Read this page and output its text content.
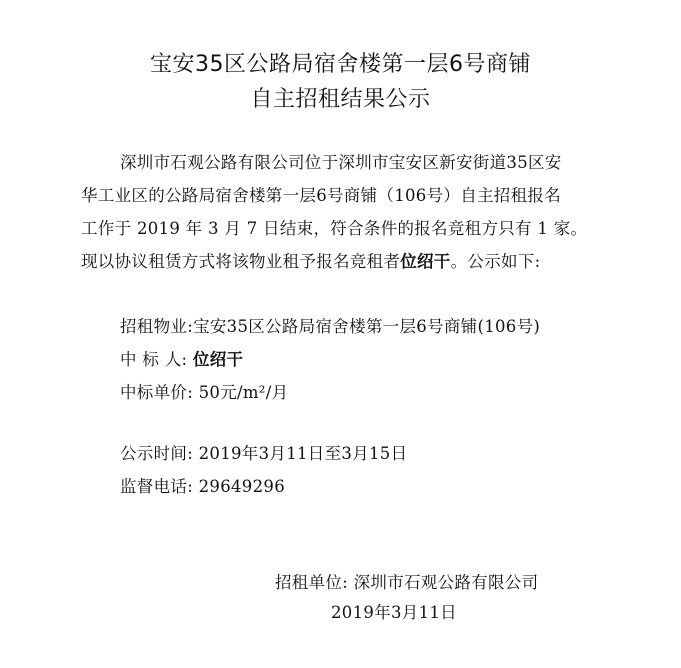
宝安35区公路局宿舍楼第一层6号商铺
自主招租结果公示
深圳市石观公路有限公司位于深圳市宝安区新安街道35区安
华工业区的公路局宿舍楼第一层6号商铺（106号）自主招租报名
工作于 2019 年 3 月 7 日结束，符合条件的报名竞租方只有 1 家。
现以协议租赁方式将该物业租予报名竞租者位绍干。公示如下:
招租物业:宝安35区公路局宿舍楼第一层6号商铺(106号)
中 标 人: 位绍干
中标单价: 50元/m²/月
公示时间: 2019年3月11日至3月15日
监督电话: 29649296
招租单位: 深圳市石观公路有限公司
2019年3月11日
